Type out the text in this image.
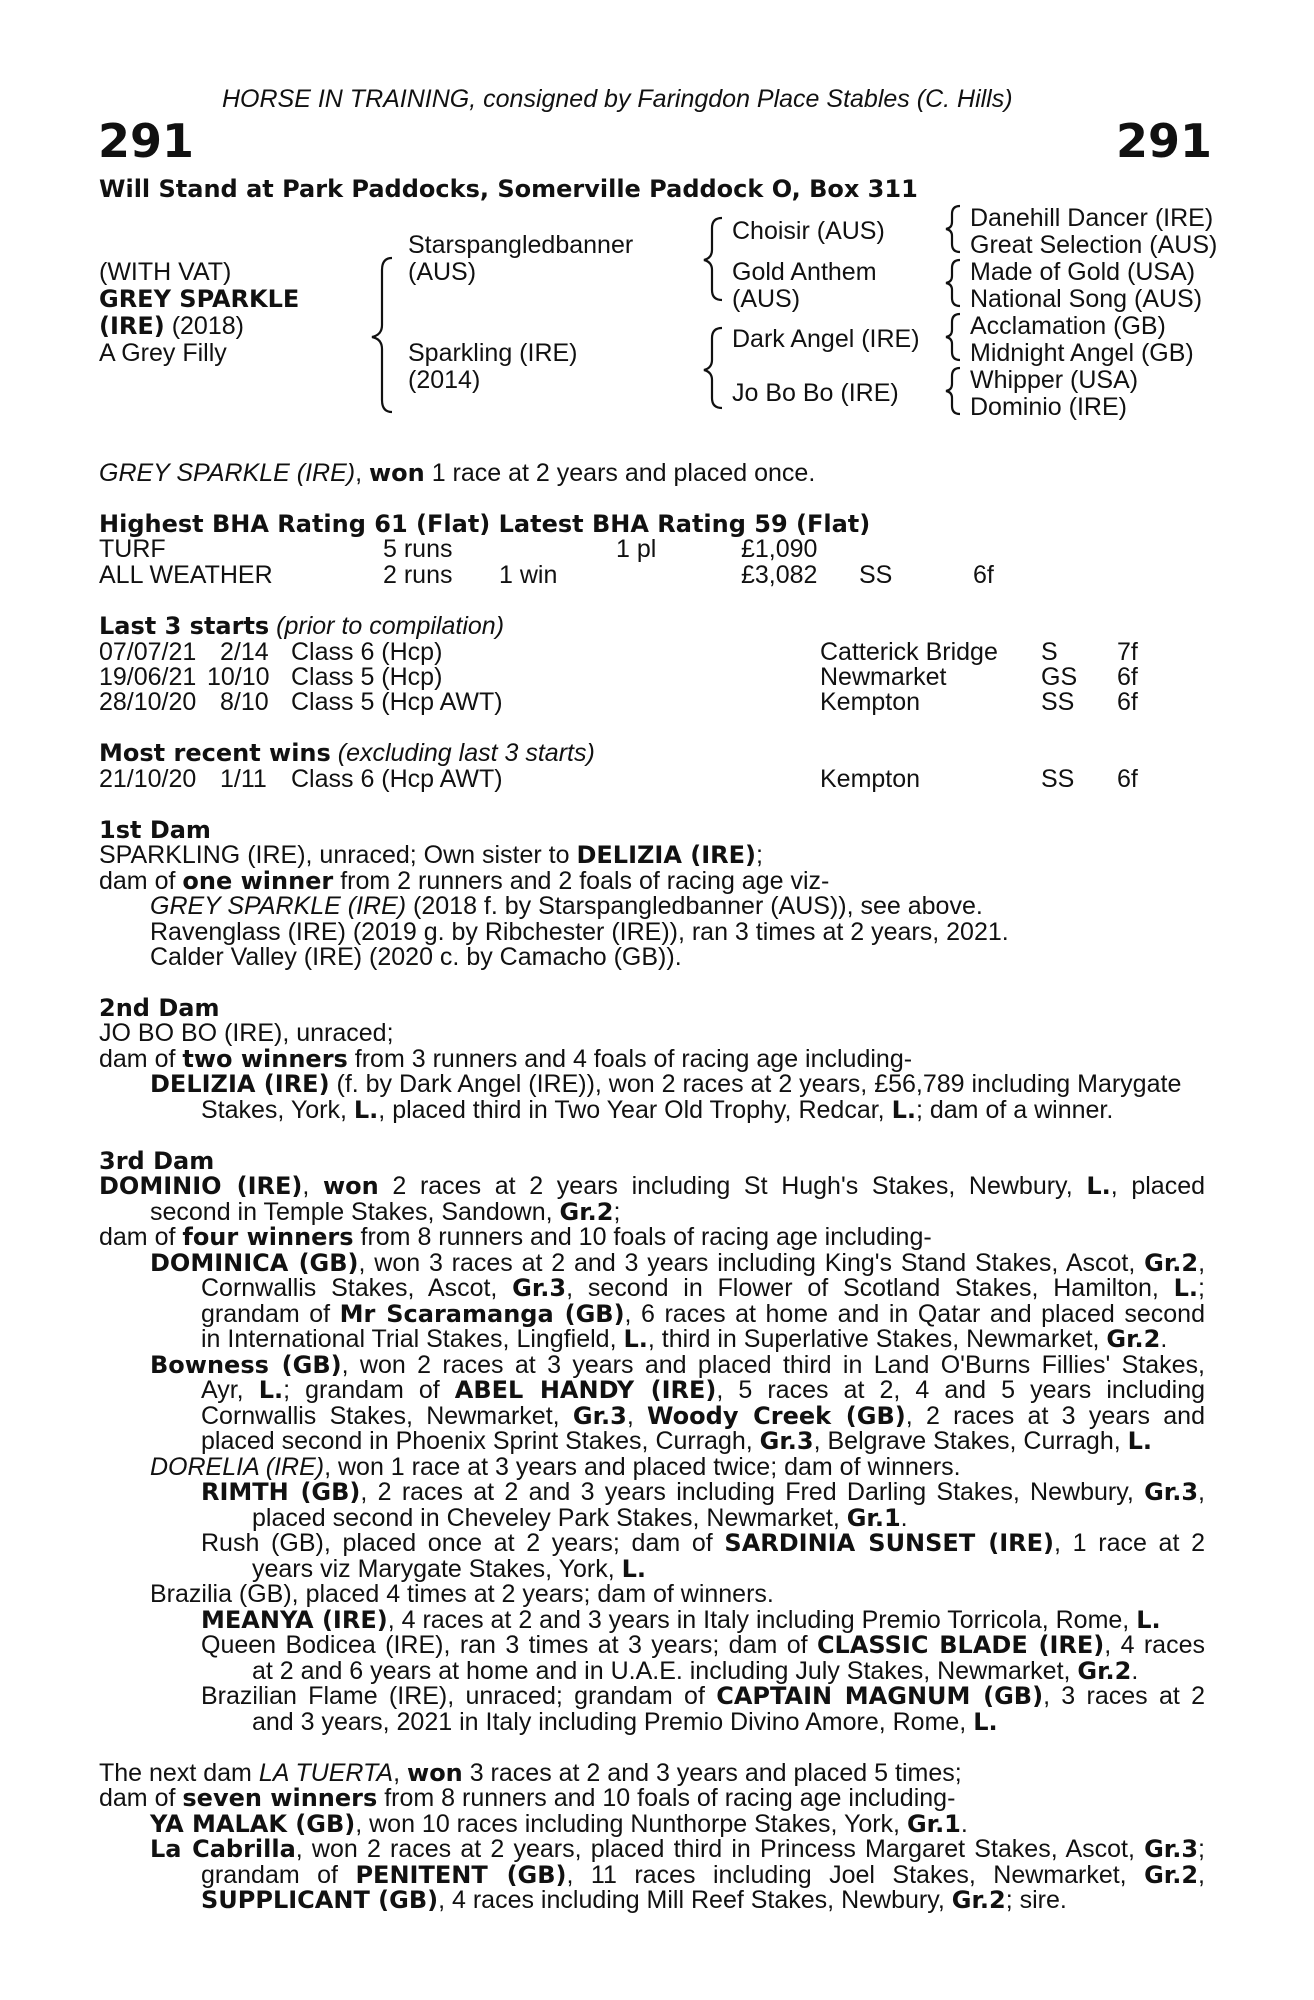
HORSE IN TRAINING, consigned by Faringdon Place Stables (C. Hills)
291	291
Will Stand at Park Paddocks, Somerville Paddock O, Box 311
(WITH VAT)
GREY SPARKLE
(IRE) (2018)
A Grey Filly
Starspangledbanner
(AUS)
Sparkling (IRE)
(2014)
Choisir (AUS)
Gold Anthem
(AUS)
Dark Angel (IRE)
Jo Bo Bo (IRE)
Danehill Dancer (IRE)
Great Selection (AUS)
Made of Gold (USA)
National Song (AUS)
Acclamation (GB)
Midnight Angel (GB)
Whipper (USA)
Dominio (IRE)
GREY SPARKLE (IRE), won 1 race at 2 years and placed once.
Highest BHA Rating 61 (Flat) Latest BHA Rating 59 (Flat)
TURF	5 runs	1 pl	£1,090
ALL WEATHER	2 runs 1 win	£3,082 SS	6f
Last 3 starts (prior to compilation)
07/07/21 2/14 Class 6 (Hcp)	Catterick Bridge S 7f
19/06/21 10/10 Class 5 (Hcp)	Newmarket	GS 6f
28/10/20 8/10 Class 5 (Hcp AWT)	Kempton	SS 6f
Most recent wins (excluding last 3 starts)
21/10/20 1/11 Class 6 (Hcp AWT)	Kempton	SS 6f
1st Dam
SPARKLING (IRE), unraced; Own sister to DELIZIA (IRE);
dam of one winner from 2 runners and 2 foals of racing age viz-
GREY SPARKLE (IRE) (2018 f. by Starspangledbanner (AUS)), see above.
Ravenglass (IRE) (2019 g. by Ribchester (IRE)), ran 3 times at 2 years, 2021.
Calder Valley (IRE) (2020 c. by Camacho (GB)).
2nd Dam
JO BO BO (IRE), unraced;
dam of two winners from 3 runners and 4 foals of racing age including-
DELIZIA (IRE) (f. by Dark Angel (IRE)), won 2 races at 2 years, £56,789 including Marygate
Stakes, York, L., placed third in Two Year Old Trophy, Redcar, L.; dam of a winner.
3rd Dam
DOMINIO (IRE), won 2 races at 2 years including St Hugh's Stakes, Newbury, L., placed
second in Temple Stakes, Sandown, Gr.2;
dam of four winners from 8 runners and 10 foals of racing age including-
DOMINICA (GB), won 3 races at 2 and 3 years including King's Stand Stakes, Ascot, Gr.2,
Cornwallis Stakes, Ascot, Gr.3, second in Flower of Scotland Stakes, Hamilton, L.;
grandam of Mr Scaramanga (GB), 6 races at home and in Qatar and placed second
in International Trial Stakes, Lingfield, L., third in Superlative Stakes, Newmarket, Gr.2.
Bowness (GB), won 2 races at 3 years and placed third in Land O'Burns Fillies' Stakes,
Ayr, L.; grandam of ABEL HANDY (IRE), 5 races at 2, 4 and 5 years including
Cornwallis Stakes, Newmarket, Gr.3, Woody Creek (GB), 2 races at 3 years and
placed second in Phoenix Sprint Stakes, Curragh, Gr.3, Belgrave Stakes, Curragh, L.
DORELIA (IRE), won 1 race at 3 years and placed twice; dam of winners.
RIMTH (GB), 2 races at 2 and 3 years including Fred Darling Stakes, Newbury, Gr.3,
placed second in Cheveley Park Stakes, Newmarket, Gr.1.
Rush (GB), placed once at 2 years; dam of SARDINIA SUNSET (IRE), 1 race at 2
years viz Marygate Stakes, York, L.
Brazilia (GB), placed 4 times at 2 years; dam of winners.
MEANYA (IRE), 4 races at 2 and 3 years in Italy including Premio Torricola, Rome, L.
Queen Bodicea (IRE), ran 3 times at 3 years; dam of CLASSIC BLADE (IRE), 4 races
at 2 and 6 years at home and in U.A.E. including July Stakes, Newmarket, Gr.2.
Brazilian Flame (IRE), unraced; grandam of CAPTAIN MAGNUM (GB), 3 races at 2
and 3 years, 2021 in Italy including Premio Divino Amore, Rome, L.
The next dam LA TUERTA, won 3 races at 2 and 3 years and placed 5 times;
dam of seven winners from 8 runners and 10 foals of racing age including-
YA MALAK (GB), won 10 races including Nunthorpe Stakes, York, Gr.1.
La Cabrilla, won 2 races at 2 years, placed third in Princess Margaret Stakes, Ascot, Gr.3;
grandam of PENITENT (GB), 11 races including Joel Stakes, Newmarket, Gr.2,
SUPPLICANT (GB), 4 races including Mill Reef Stakes, Newbury, Gr.2; sire.
